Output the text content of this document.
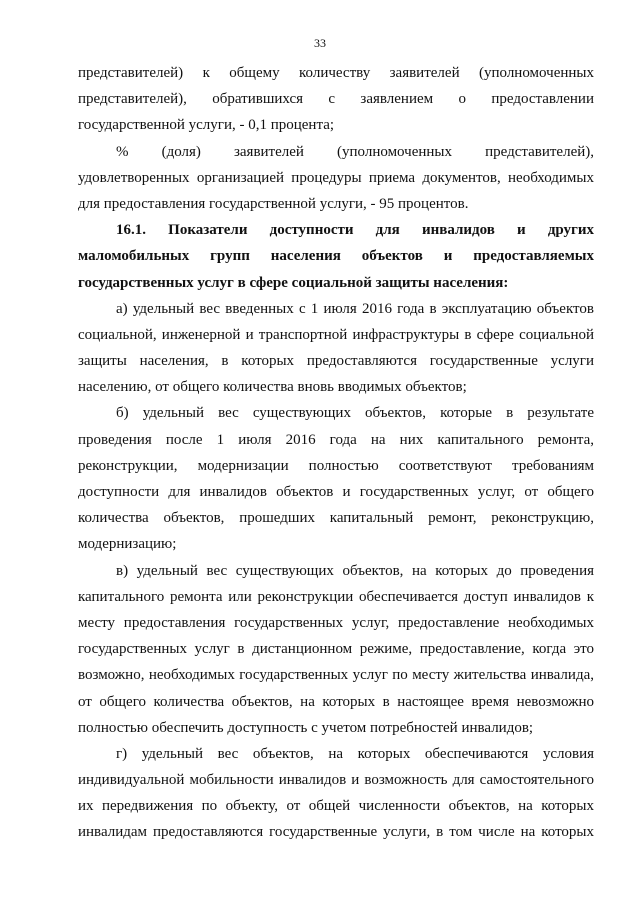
33
представителей) к общему количеству заявителей (уполномоченных
представителей), обратившихся с заявлением о предоставлении
государственной услуги, - 0,1 процента;
% (доля) заявителей (уполномоченных представителей),
удовлетворенных организацией процедуры приема документов, необходимых
для предоставления государственной услуги, - 95 процентов.
16.1. Показатели доступности для инвалидов и других
маломобильных групп населения объектов и предоставляемых
государственных услуг в сфере социальной защиты населения:
а) удельный вес введенных с 1 июля 2016 года в эксплуатацию объектов
социальной, инженерной и транспортной инфраструктуры в сфере социальной
защиты населения, в которых предоставляются государственные услуги
населению, от общего количества вновь вводимых объектов;
б) удельный вес существующих объектов, которые в результате
проведения после 1 июля 2016 года на них капитального ремонта,
реконструкции, модернизации полностью соответствуют требованиям
доступности для инвалидов объектов и государственных услуг, от общего
количества объектов, прошедших капитальный ремонт, реконструкцию,
модернизацию;
в) удельный вес существующих объектов, на которых до проведения
капитального ремонта или реконструкции обеспечивается доступ инвалидов к
месту предоставления государственных услуг, предоставление необходимых
государственных услуг в дистанционном режиме, предоставление, когда это
возможно, необходимых государственных услуг по месту жительства инвалида,
от общего количества объектов, на которых в настоящее время невозможно
полностью обеспечить доступность с учетом потребностей инвалидов;
г) удельный вес объектов, на которых обеспечиваются условия
индивидуальной мобильности инвалидов и возможность для самостоятельного
их передвижения по объекту, от общей численности объектов, на которых
инвалидам предоставляются государственные услуги, в том числе на которых
